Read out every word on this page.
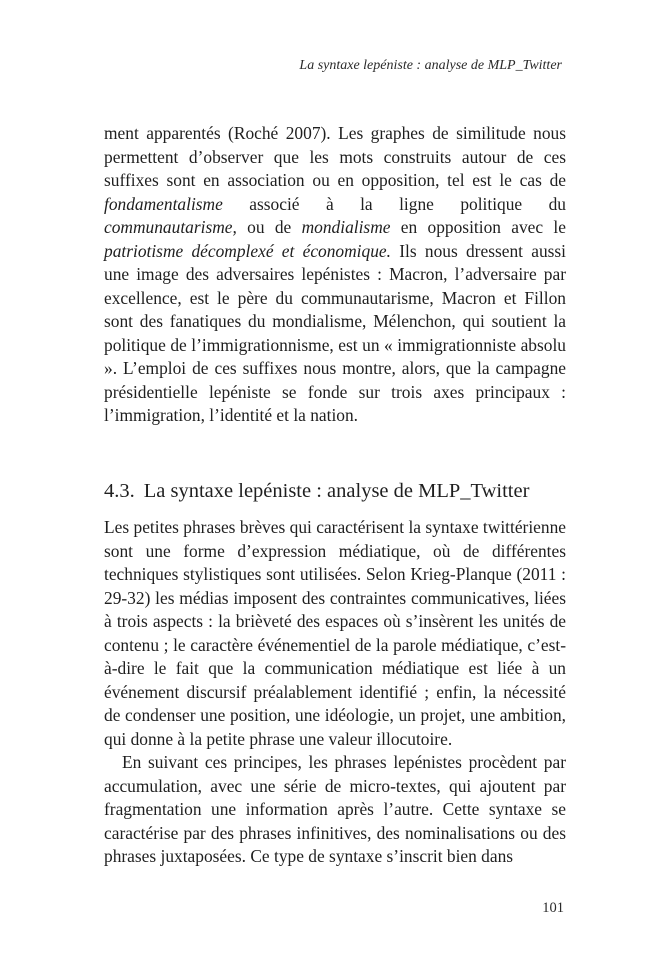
La syntaxe lepéniste : analyse de MLP_Twitter

ment apparentés (Roché 2007). Les graphes de similitude nous permettent d’observer que les mots construits autour de ces suffixes sont en association ou en opposition, tel est le cas de fondamentalisme associé à la ligne politique du communautarisme, ou de mondialisme en opposition avec le patriotisme décomplexé et économique. Ils nous dressent aussi une image des adversaires lepénistes : Macron, l’adversaire par excellence, est le père du communautarisme, Macron et Fillon sont des fanatiques du mondialisme, Mélenchon, qui soutient la politique de l’immigrationnisme, est un « immigrationniste absolu ». L’emploi de ces suffixes nous montre, alors, que la campagne présidentielle lepéniste se fonde sur trois axes principaux : l’immigration, l’identité et la nation.

4.3. La syntaxe lepéniste : analyse de MLP_Twitter

Les petites phrases brèves qui caractérisent la syntaxe twittérienne sont une forme d’expression médiatique, où de différentes techniques stylistiques sont utilisées. Selon Krieg-Planque (2011 : 29-32) les médias imposent des contraintes communicatives, liées à trois aspects : la brièveté des espaces où s’insèrent les unités de contenu ; le caractère événementiel de la parole médiatique, c’est-à-dire le fait que la communication médiatique est liée à un événement discursif préalablement identifié ; enfin, la nécessité de condenser une position, une idéologie, un projet, une ambition, qui donne à la petite phrase une valeur illocutoire.

En suivant ces principes, les phrases lepénistes procèdent par accumulation, avec une série de micro-textes, qui ajoutent par fragmentation une information après l’autre. Cette syntaxe se caractérise par des phrases infinitives, des nominalisations ou des phrases juxtaposées. Ce type de syntaxe s’inscrit bien dans

101
